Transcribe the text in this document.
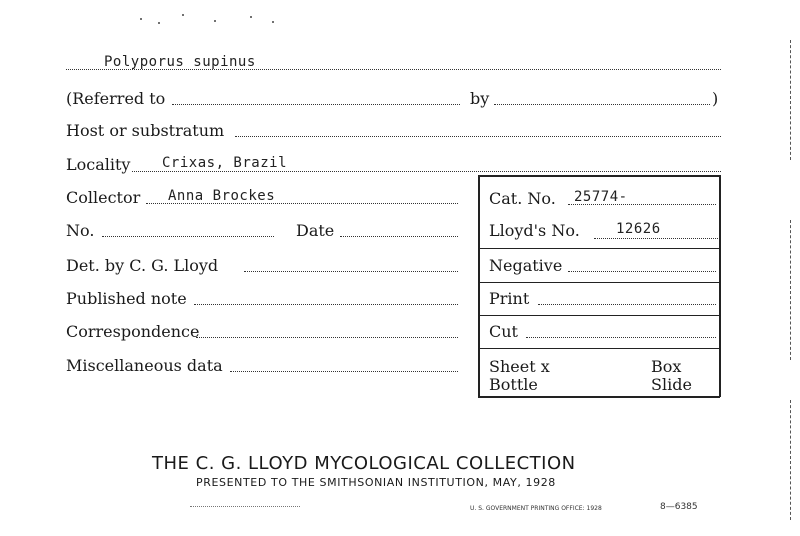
Polyporus supinus
(Referred to	by	)
Host or substratum
Locality Crixas, Brazil
Collector Anna Brockes	Cat. No. 25774-
No.	Date	Lloyd's No.	12626
Det. by C. G. Lloyd	Negative
Published note	Print
Correspondence	Cut
Miscellaneous data	Sheet x	Box
Bottle	Slide
THE C. G. LLOYD MYCOLOGICAL COLLECTION
PRESENTED TO THE SMITHSONIAN INSTITUTION, MAY, 1928
U. S. GOVERNMENT PRINTING OFFICE: 1928	8—6385
